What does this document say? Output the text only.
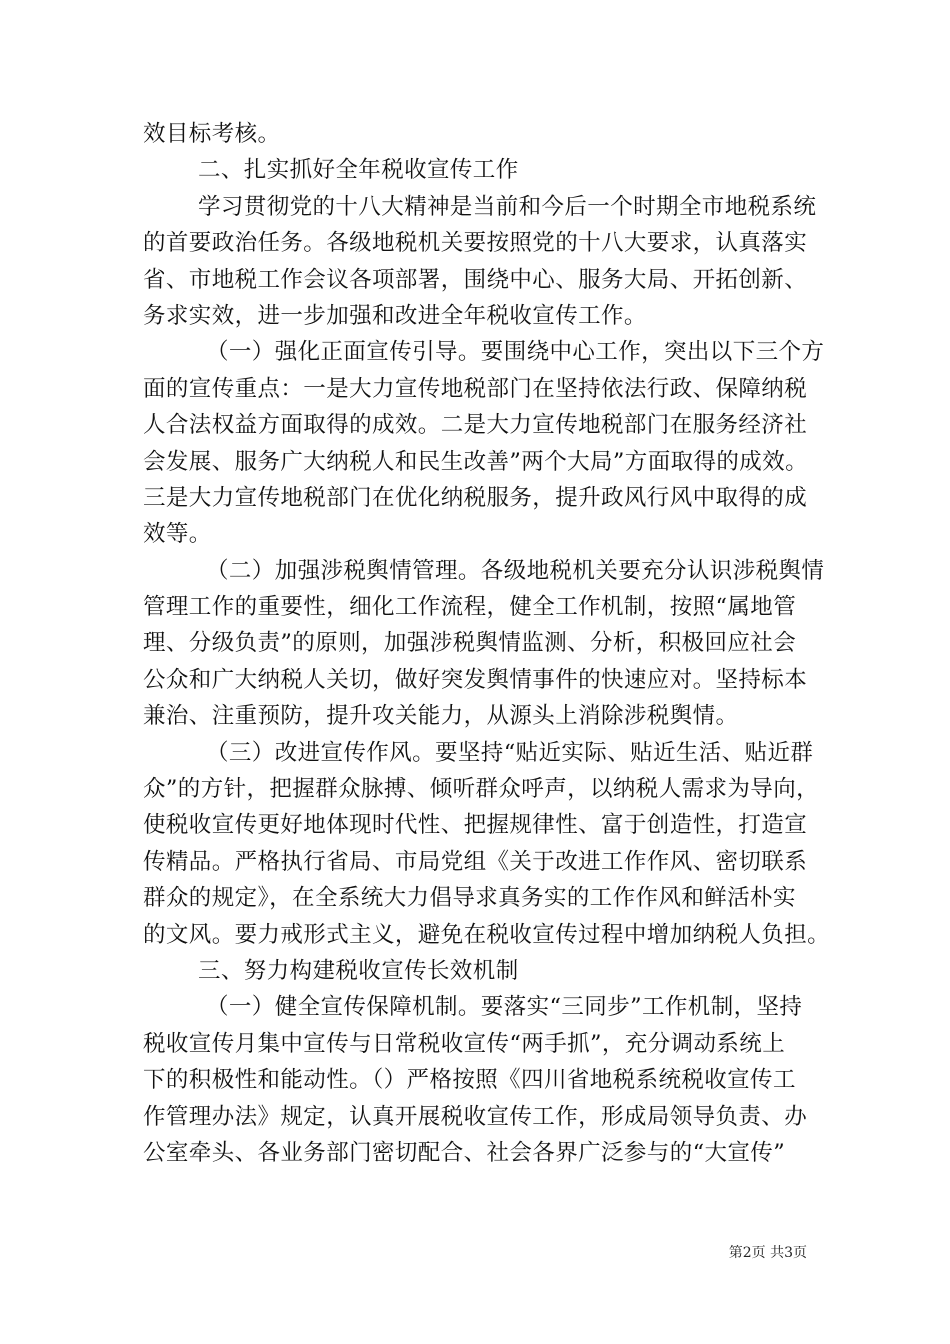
效目标考核。
二、扎实抓好全年税收宣传工作
学习贯彻党的十八大精神是当前和今后一个时期全市地税系统
的首要政治任务。各级地税机关要按照党的十八大要求，认真落实
省、市地税工作会议各项部署，围绕中心、服务大局、开拓创新、
务求实效，进一步加强和改进全年税收宣传工作。
（一）强化正面宣传引导。要围绕中心工作，突出以下三个方
面的宣传重点：一是大力宣传地税部门在坚持依法行政、保障纳税
人合法权益方面取得的成效。二是大力宣传地税部门在服务经济社
会发展、服务广大纳税人和民生改善”两个大局”方面取得的成效。
三是大力宣传地税部门在优化纳税服务，提升政风行风中取得的成
效等。
（二）加强涉税舆情管理。各级地税机关要充分认识涉税舆情
管理工作的重要性，细化工作流程，健全工作机制，按照“属地管
理、分级负责”的原则，加强涉税舆情监测、分析，积极回应社会
公众和广大纳税人关切，做好突发舆情事件的快速应对。坚持标本
兼治、注重预防，提升攻关能力，从源头上消除涉税舆情。
（三）改进宣传作风。要坚持“贴近实际、贴近生活、贴近群
众”的方针，把握群众脉搏、倾听群众呼声，以纳税人需求为导向，
使税收宣传更好地体现时代性、把握规律性、富于创造性，打造宣
传精品。严格执行省局、市局党组《关于改进工作作风、密切联系
群众的规定》，在全系统大力倡导求真务实的工作作风和鲜活朴实
的文风。要力戒形式主义，避免在税收宣传过程中增加纳税人负担。
三、努力构建税收宣传长效机制
（一）健全宣传保障机制。要落实“三同步”工作机制，坚持
税收宣传月集中宣传与日常税收宣传“两手抓”，充分调动系统上
下的积极性和能动性。（）严格按照《四川省地税系统税收宣传工
作管理办法》规定，认真开展税收宣传工作，形成局领导负责、办
公室牵头、各业务部门密切配合、社会各界广泛参与的“大宣传”
第2页 共3页
